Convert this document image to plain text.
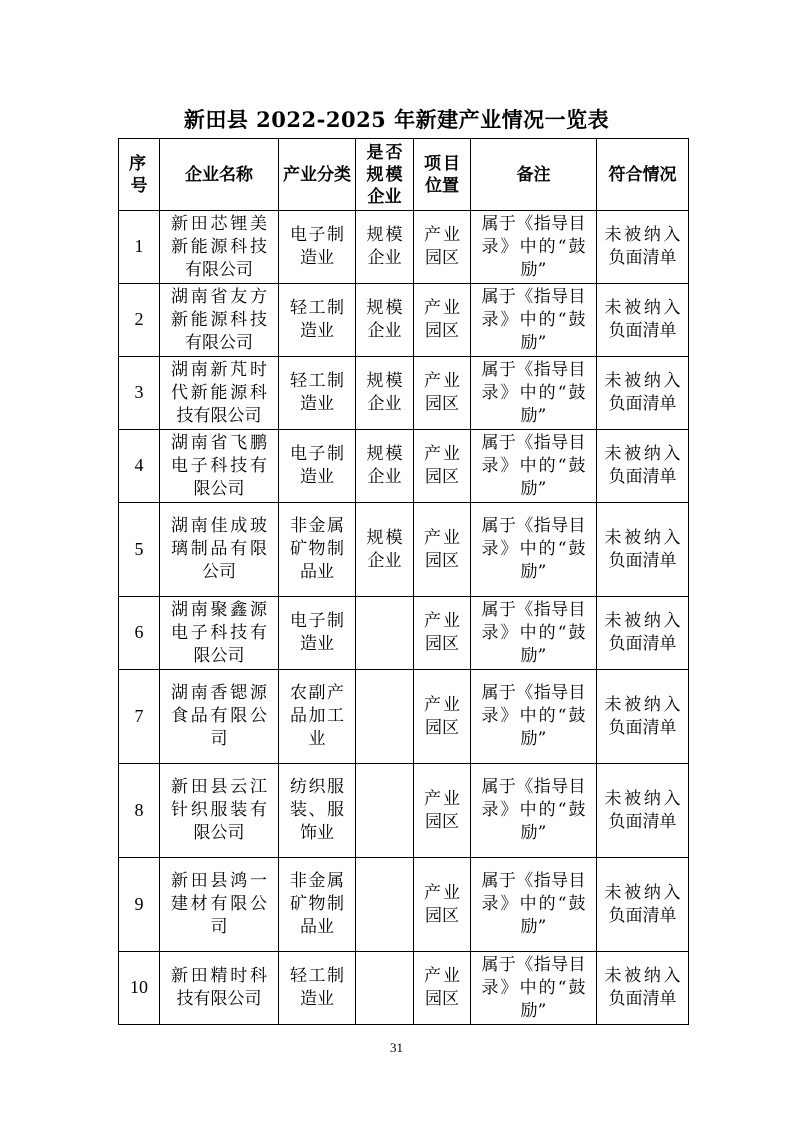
新田县 2022-2025 年新建产业情况一览表
序号	企业名称	产业分类	是否规模企业	项目位置	备注	符合情况
1	新田芯锂美新能源科技有限公司	电子制造业	规模企业	产业园区	属于《指导目录》中的“鼓励”	未被纳入负面清单

2	湖南省友方新能源科技有限公司	轻工制造业	规模企业	产业园区	属于《指导目录》中的“鼓励”	未被纳入负面清单

3	湖南新芃时代新能源科技有限公司	轻工制造业	规模企业	产业园区	属于《指导目录》中的“鼓励”	未被纳入负面清单

4	湖南省飞鹏电子科技有限公司	电子制造业	规模企业	产业园区	属于《指导目录》中的“鼓励”	未被纳入负面清单

5	湖南佳成玻璃制品有限公司	非金属矿物制品业	规模企业	产业园区	属于《指导目录》中的“鼓励”	未被纳入负面清单

6	湖南聚鑫源电子科技有限公司	电子制造业		产业园区	属于《指导目录》中的“鼓励”	未被纳入负面清单

7	湖南香锶源食品有限公司	农副产品加工业		产业园区	属于《指导目录》中的“鼓励”	未被纳入负面清单

8	新田县云江针织服装有限公司	纺织服装、服饰业		产业园区	属于《指导目录》中的“鼓励”	未被纳入负面清单

9	新田县鸿一建材有限公司	非金属矿物制品业		产业园区	属于《指导目录》中的“鼓励”	未被纳入负面清单

10	新田精时科技有限公司	轻工制造业		产业园区	属于《指导目录》中的“鼓励”	未被纳入负面清单
31
